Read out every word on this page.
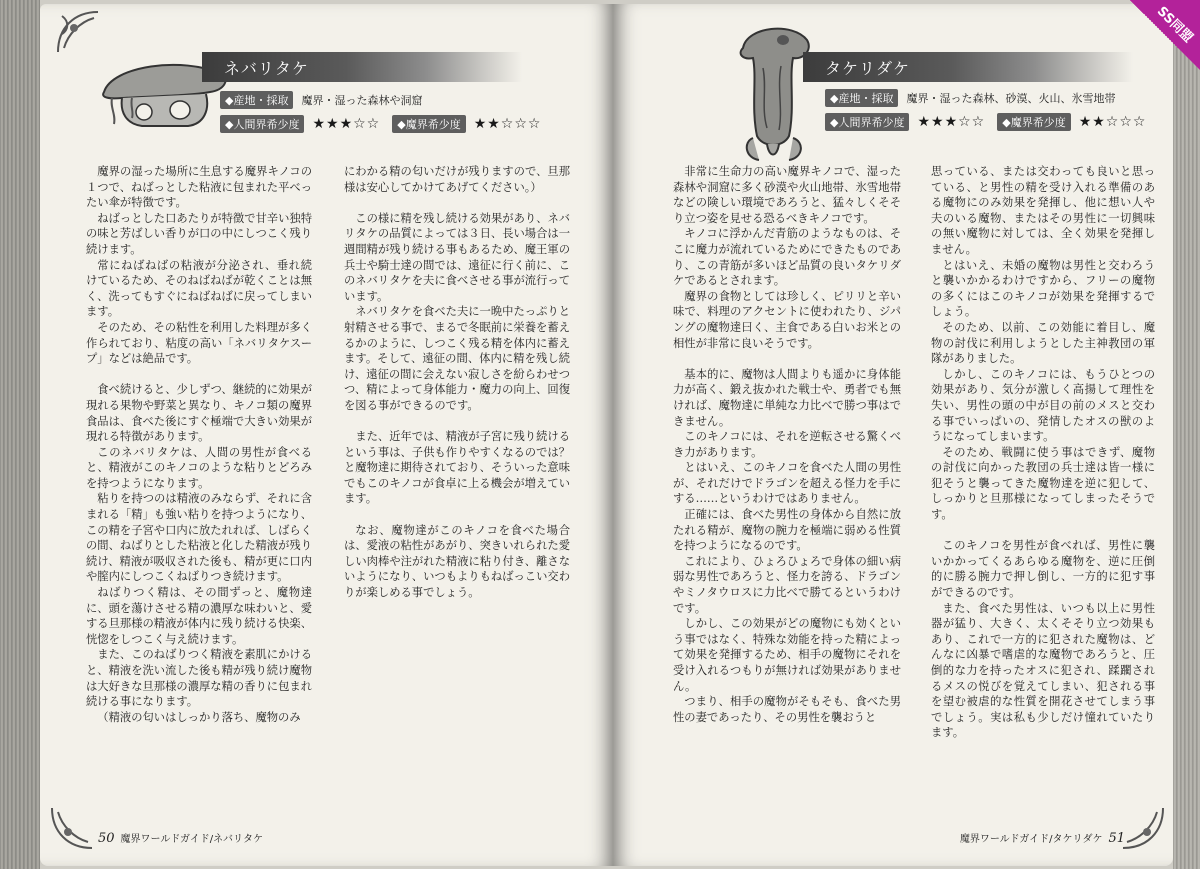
ネバリタケ
◆産地・採取	魔界・湿った森林や洞窟
◆人間界希少度 ★★★☆☆	◆魔界希少度 ★★☆☆☆

魔界の湿った場所に生息する魔界キノコの１つで、ねばっとした粘液に包まれた平べったい傘が特徴です。

ねばっとした口あたりが特徴で甘辛い独特の味と芳ばしい香りが口の中にしつこく残り続けます。

常にねばねばの粘液が分泌され、垂れ続けているため、そのねばねばが乾くことは無く、洗ってもすぐにねばねばに戻ってしまいます。

そのため、その粘性を利用した料理が多く作られており、粘度の高い「ネバリタケスープ」などは絶品です。

食べ続けると、少しずつ、継続的に効果が現れる果物や野菜と異なり、キノコ類の魔界食品は、食べた後にすぐ極端で大きい効果が現れる特徴があります。

このネバリタケは、人間の男性が食べると、精液がこのキノコのような粘りとどろみを持つようになります。

粘りを持つのは精液のみならず、それに含まれる「精」も強い粘りを持つようになり、この精を子宮や口内に放たれれば、しばらくの間、ねばりとした粘液と化した精液が残り続け、精液が吸収された後も、精が更に口内や膣内にしつこくねばりつき続けます。

ねばりつく精は、その間ずっと、魔物達に、頭を蕩けさせる精の濃厚な味わいと、愛する旦那様の精液が体内に残り続ける快楽、恍惚をしつこく与え続けます。

また、このねばりつく精液を素肌にかけると、精液を洗い流した後も精が残り続け魔物は大好きな旦那様の濃厚な精の香りに包まれ続ける事になります。

（精液の匂いはしっかり落ち、魔物のみ

にわかる精の匂いだけが残りますので、旦那様は安心してかけてあげてください。）

この様に精を残し続ける効果があり、ネバリタケの品質によっては３日、長い場合は一週間精が残り続ける事もあるため、魔王軍の兵士や騎士達の間では、遠征に行く前に、このネバリタケを夫に食べさせる事が流行っています。

ネバリタケを食べた夫に一晩中たっぷりと射精させる事で、まるで冬眠前に栄養を蓄えるかのように、しつこく残る精を体内に蓄えます。そして、遠征の間、体内に精を残し続け、遠征の間に会えない寂しさを紛らわせつつ、精によって身体能力・魔力の向上、回復を図る事ができるのです。

また、近年では、精液が子宮に残り続けるという事は、子供も作りやすくなるのでは？と魔物達に期待されており、そういった意味でもこのキノコが食卓に上る機会が増えています。

なお、魔物達がこのキノコを食べた場合は、愛液の粘性があがり、突きいれられた愛しい肉棒や注がれた精液に粘り付き、離さないようになり、いつもよりもねばっこい交わりが楽しめる事でしょう。

50 魔界ワールドガイド/ネバリタケ
タケリダケ
◆産地・採取	魔界・湿った森林、砂漠、火山、氷雪地帯
◆人間界希少度 ★★★☆☆	◆魔界希少度 ★★☆☆☆

非常に生命力の高い魔界キノコで、湿った森林や洞窟に多く砂漠や火山地帯、氷雪地帯などの険しい環境であろうと、猛々しくそそり立つ姿を見せる恐るべきキノコです。

キノコに浮かんだ青筋のようなものは、そこに魔力が流れているためにできたものであり、この青筋が多いほど品質の良いタケリダケであるとされます。

魔界の食物としては珍しく、ピリリと辛い味で、料理のアクセントに使われたり、ジパングの魔物達曰く、主食である白いお米との相性が非常に良いそうです。

基本的に、魔物は人間よりも遥かに身体能力が高く、鍛え抜かれた戦士や、勇者でも無ければ、魔物達に単純な力比べで勝つ事はできません。

このキノコには、それを逆転させる驚くべき力があります。

とはいえ、このキノコを食べた人間の男性が、それだけでドラゴンを超える怪力を手にする……というわけではありません。

正確には、食べた男性の身体から自然に放たれる精が、魔物の腕力を極端に弱める性質を持つようになるのです。

これにより、ひょろひょろで身体の細い病弱な男性であろうと、怪力を誇る、ドラゴンやミノタウロスに力比べで勝てるというわけです。

しかし、この効果がどの魔物にも効くという事ではなく、特殊な効能を持った精によって効果を発揮するため、相手の魔物にそれを受け入れるつもりが無ければ効果がありません。

つまり、相手の魔物がそもそも、食べた男性の妻であったり、その男性を襲おうと

思っている、または交わっても良いと思っている、と男性の精を受け入れる準備のある魔物にのみ効果を発揮し、他に想い人や夫のいる魔物、またはその男性に一切興味の無い魔物に対しては、全く効果を発揮しません。

とはいえ、未婚の魔物は男性と交わろうと襲いかかるわけですから、フリーの魔物の多くにはこのキノコが効果を発揮するでしょう。

そのため、以前、この効能に着目し、魔物の討伐に利用しようとした主神教団の軍隊がありました。

しかし、このキノコには、もうひとつの効果があり、気分が激しく高揚して理性を失い、男性の頭の中が目の前のメスと交わる事でいっぱいの、発情したオスの獣のようになってしまいます。

そのため、戦闘に使う事はできず、魔物の討伐に向かった教団の兵士達は皆一様に犯そうと襲ってきた魔物達を逆に犯して、しっかりと旦那様になってしまったそうです。

このキノコを男性が食べれば、男性に襲いかかってくるあらゆる魔物を、逆に圧倒的に勝る腕力で押し倒し、一方的に犯す事ができるのです。

また、食べた男性は、いつも以上に男性器が猛り、大きく、太くそそり立つ効果もあり、これで一方的に犯された魔物は、どんなに凶暴で嗜虐的な魔物であろうと、圧倒的な力を持ったオスに犯され、蹂躙されるメスの悦びを覚えてしまい、犯される事を望む被虐的な性質を開花させてしまう事でしょう。実は私も少しだけ憧れていたります。

魔界ワールドガイド/タケリダケ 51
SS同盟
